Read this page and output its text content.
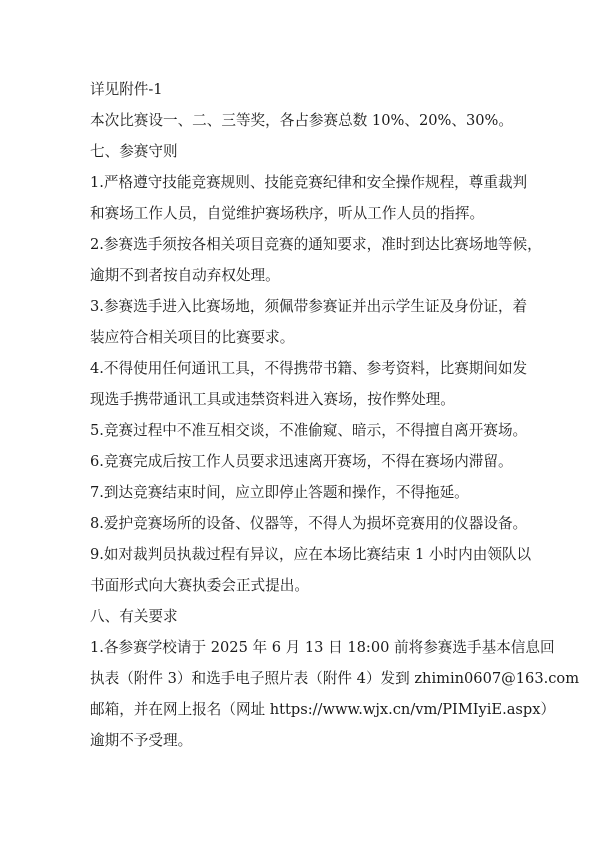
详见附件-1

本次比赛设一、二、三等奖，各占参赛总数 10%、20%、30%。

七、参赛守则

1.严格遵守技能竞赛规则、技能竞赛纪律和安全操作规程，尊重裁判
和赛场工作人员，自觉维护赛场秩序，听从工作人员的指挥。

2.参赛选手须按各相关项目竞赛的通知要求，准时到达比赛场地等候，
逾期不到者按自动弃权处理。

3.参赛选手进入比赛场地，须佩带参赛证并出示学生证及身份证，着
装应符合相关项目的比赛要求。

4.不得使用任何通讯工具，不得携带书籍、参考资料，比赛期间如发
现选手携带通讯工具或违禁资料进入赛场，按作弊处理。

5.竞赛过程中不准互相交谈，不准偷窥、暗示，不得擅自离开赛场。

6.竞赛完成后按工作人员要求迅速离开赛场，不得在赛场内滞留。

7.到达竞赛结束时间，应立即停止答题和操作，不得拖延。

8.爱护竞赛场所的设备、仪器等，不得人为损坏竞赛用的仪器设备。

9.如对裁判员执裁过程有异议，应在本场比赛结束 1 小时内由领队以
书面形式向大赛执委会正式提出。

八、有关要求

1.各参赛学校请于 2025 年 6 月 13 日 18:00 前将参赛选手基本信息回
执表（附件 3）和选手电子照片表（附件 4）发到 zhimin0607@163.com
邮箱，并在网上报名（网址 https://www.wjx.cn/vm/PIMIyiE.aspx）
逾期不予受理。
